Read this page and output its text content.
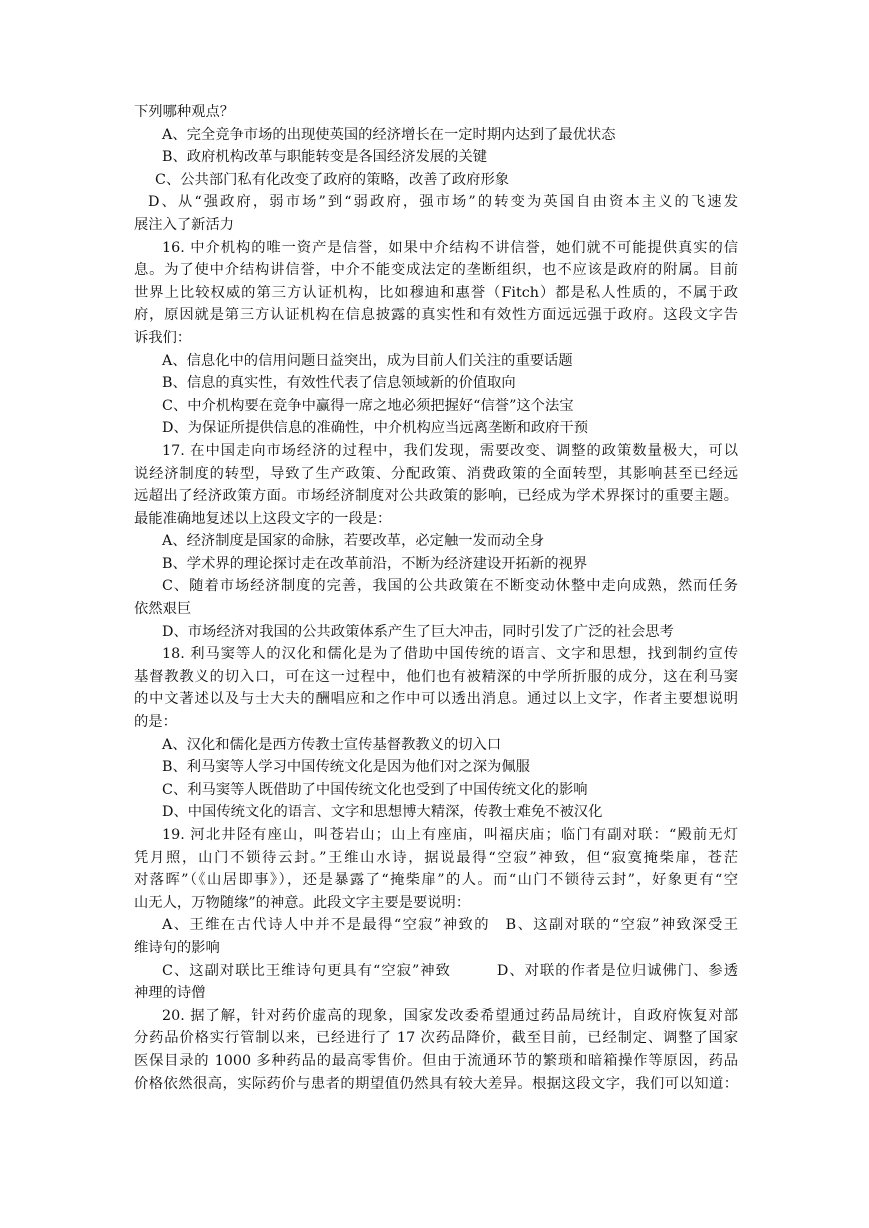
下列哪种观点？
A、完全竞争市场的出现使英国的经济增长在一定时期内达到了最优状态
B、政府机构改革与职能转变是各国经济发展的关键
C、公共部门私有化改变了政府的策略，改善了政府形象
D、从“强政府，弱市场”到“弱政府，强市场”的转变为英国自由资本主义的飞速发
展注入了新活力
16. 中介机构的唯一资产是信誉，如果中介结构不讲信誉，她们就不可能提供真实的信
息。为了使中介结构讲信誉，中介不能变成法定的垄断组织，也不应该是政府的附属。目前
世界上比较权威的第三方认证机构，比如穆迪和惠誉（Fitch）都是私人性质的，不属于政
府，原因就是第三方认证机构在信息披露的真实性和有效性方面远远强于政府。这段文字告
诉我们：
A、信息化中的信用问题日益突出，成为目前人们关注的重要话题
B、信息的真实性，有效性代表了信息领域新的价值取向
C、中介机构要在竞争中赢得一席之地必须把握好“信誉”这个法宝
D、为保证所提供信息的准确性，中介机构应当远离垄断和政府干预
17. 在中国走向市场经济的过程中，我们发现，需要改变、调整的政策数量极大，可以
说经济制度的转型，导致了生产政策、分配政策、消费政策的全面转型，其影响甚至已经远
远超出了经济政策方面。市场经济制度对公共政策的影响，已经成为学术界探讨的重要主题。
最能准确地复述以上这段文字的一段是：
A、经济制度是国家的命脉，若要改革，必定触一发而动全身
B、学术界的理论探讨走在改革前沿，不断为经济建设开拓新的视界
C、随着市场经济制度的完善，我国的公共政策在不断变动休整中走向成熟，然而任务
依然艰巨
D、市场经济对我国的公共政策体系产生了巨大冲击，同时引发了广泛的社会思考
18. 利马窦等人的汉化和儒化是为了借助中国传统的语言、文字和思想，找到制约宣传
基督教教义的切入口，可在这一过程中，他们也有被精深的中学所折服的成分，这在利马窦
的中文著述以及与士大夫的酬唱应和之作中可以透出消息。通过以上文字，作者主要想说明
的是：
A、汉化和儒化是西方传教士宣传基督教教义的切入口
B、利马窦等人学习中国传统文化是因为他们对之深为佩服
C、利马窦等人既借助了中国传统文化也受到了中国传统文化的影响
D、中国传统文化的语言、文字和思想博大精深，传教士难免不被汉化
19. 河北井陉有座山，叫苍岩山；山上有座庙，叫福庆庙；临门有副对联：“殿前无灯
凭月照，山门不锁待云封。”王维山水诗，据说最得“空寂”神致，但“寂寞掩柴扉，苍茫
对落晖”（《山居即事》），还是暴露了“掩柴扉”的人。而“山门不锁待云封”，好象更有“空
山无人，万物随缘”的神意。此段文字主要是要说明：
A、王维在古代诗人中并不是最得“空寂”神致的　B、这副对联的“空寂”神致深受王
维诗句的影响
C、这副对联比王维诗句更具有“空寂”神致　　　D、对联的作者是位归诚佛门、参透
神理的诗僧
20. 据了解，针对药价虚高的现象，国家发改委希望通过药品局统计，自政府恢复对部
分药品价格实行管制以来，已经进行了 17 次药品降价，截至目前，已经制定、调整了国家
医保目录的 1000 多种药品的最高零售价。但由于流通环节的繁琐和暗箱操作等原因，药品
价格依然很高，实际药价与患者的期望值仍然具有较大差异。根据这段文字，我们可以知道：
